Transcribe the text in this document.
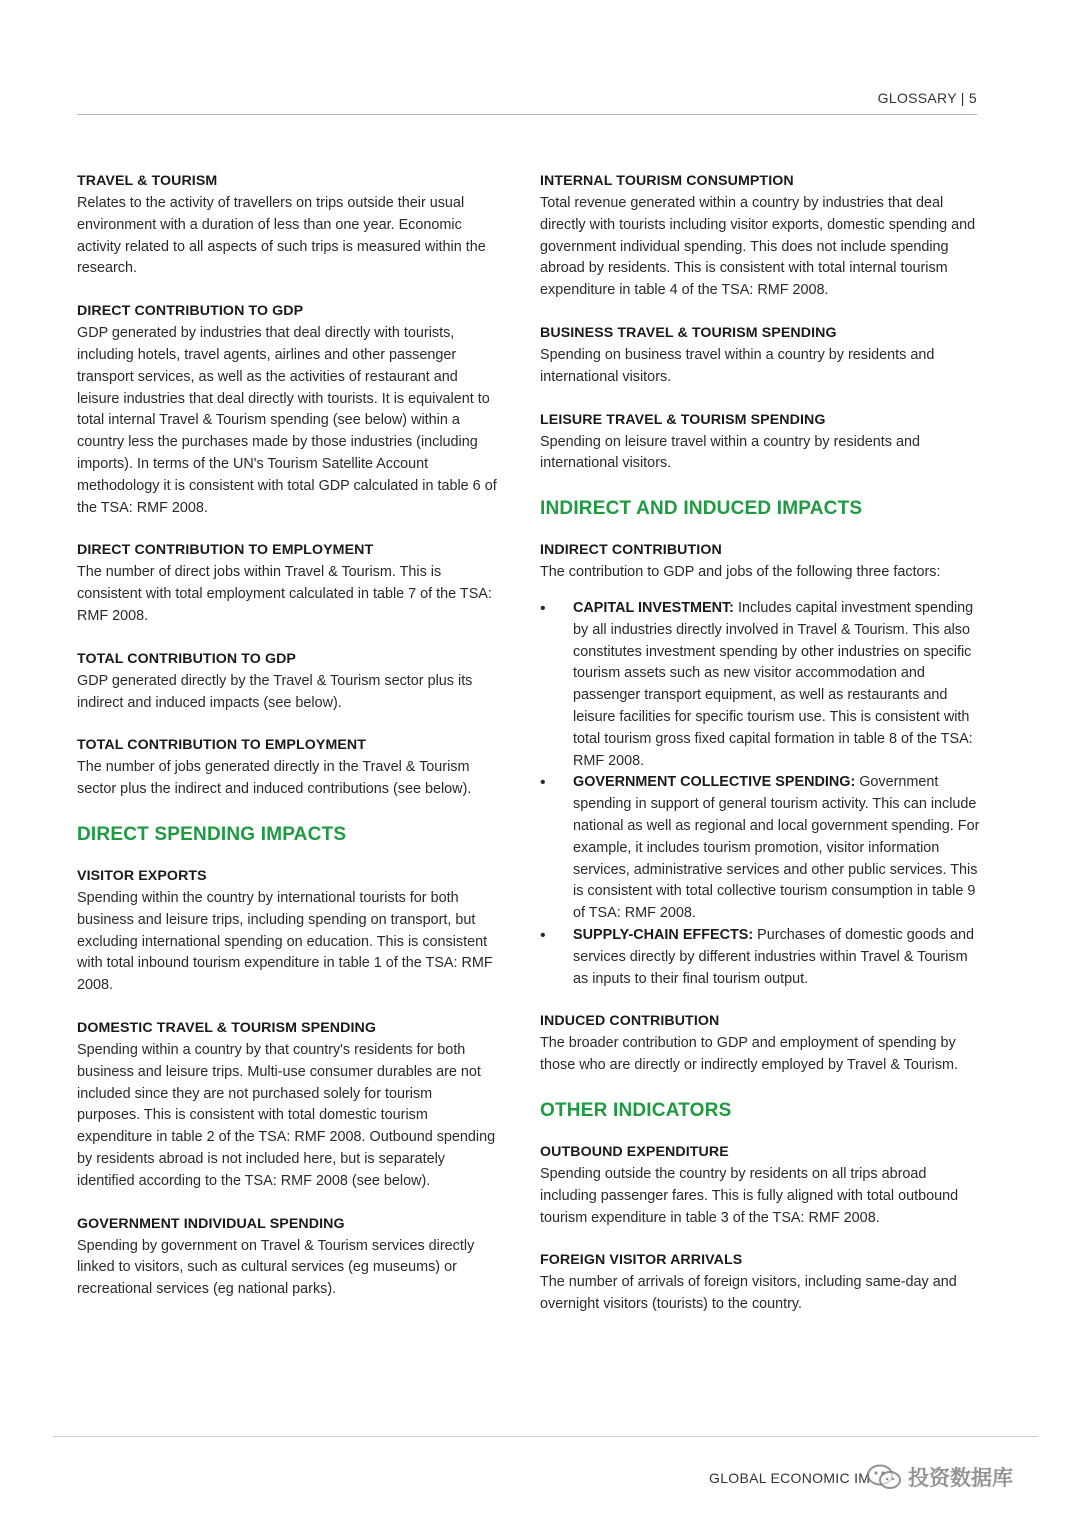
GLOSSARY | 5

TRAVEL & TOURISM

Relates to the activity of travellers on trips outside their usual environment with a duration of less than one year. Economic activity related to all aspects of such trips is measured within the research.

DIRECT CONTRIBUTION TO GDP

GDP generated by industries that deal directly with tourists, including hotels, travel agents, airlines and other passenger transport services, as well as the activities of restaurant and leisure industries that deal directly with tourists. It is equivalent to total internal Travel & Tourism spending (see below) within a country less the purchases made by those industries (including imports). In terms of the UN's Tourism Satellite Account methodology it is consistent with total GDP calculated in table 6 of the TSA: RMF 2008.

DIRECT CONTRIBUTION TO EMPLOYMENT

The number of direct jobs within Travel & Tourism. This is consistent with total employment calculated in table 7 of the TSA: RMF 2008.

TOTAL CONTRIBUTION TO GDP

GDP generated directly by the Travel & Tourism sector plus its indirect and induced impacts (see below).

TOTAL CONTRIBUTION TO EMPLOYMENT

The number of jobs generated directly in the Travel & Tourism sector plus the indirect and induced contributions (see below).

DIRECT SPENDING IMPACTS

VISITOR EXPORTS

Spending within the country by international tourists for both business and leisure trips, including spending on transport, but excluding international spending on education. This is consistent with total inbound tourism expenditure in table 1 of the TSA: RMF 2008.

DOMESTIC TRAVEL & TOURISM SPENDING

Spending within a country by that country's residents for both business and leisure trips. Multi-use consumer durables are not included since they are not purchased solely for tourism purposes. This is consistent with total domestic tourism expenditure in table 2 of the TSA: RMF 2008. Outbound spending by residents abroad is not included here, but is separately identified according to the TSA: RMF 2008 (see below).

GOVERNMENT INDIVIDUAL SPENDING

Spending by government on Travel & Tourism services directly linked to visitors, such as cultural services (eg museums) or recreational services (eg national parks).

INTERNAL TOURISM CONSUMPTION

Total revenue generated within a country by industries that deal directly with tourists including visitor exports, domestic spending and government individual spending. This does not include spending abroad by residents. This is consistent with total internal tourism expenditure in table 4 of the TSA: RMF 2008.

BUSINESS TRAVEL & TOURISM SPENDING

Spending on business travel within a country by residents and international visitors.

LEISURE TRAVEL & TOURISM SPENDING

Spending on leisure travel within a country by residents and international visitors.

INDIRECT AND INDUCED IMPACTS

INDIRECT CONTRIBUTION

The contribution to GDP and jobs of the following three factors:

• CAPITAL INVESTMENT: Includes capital investment spending by all industries directly involved in Travel & Tourism. This also constitutes investment spending by other industries on specific tourism assets such as new visitor accommodation and passenger transport equipment, as well as restaurants and leisure facilities for specific tourism use. This is consistent with total tourism gross fixed capital formation in table 8 of the TSA: RMF 2008.
• GOVERNMENT COLLECTIVE SPENDING: Government spending in support of general tourism activity. This can include national as well as regional and local government spending. For example, it includes tourism promotion, visitor information services, administrative services and other public services. This is consistent with total collective tourism consumption in table 9 of TSA: RMF 2008.
• SUPPLY-CHAIN EFFECTS: Purchases of domestic goods and services directly by different industries within Travel & Tourism as inputs to their final tourism output.

INDUCED CONTRIBUTION

The broader contribution to GDP and employment of spending by those who are directly or indirectly employed by Travel & Tourism.

OTHER INDICATORS

OUTBOUND EXPENDITURE

Spending outside the country by residents on all trips abroad including passenger fares. This is fully aligned with total outbound tourism expenditure in table 3 of the TSA: RMF 2008.

FOREIGN VISITOR ARRIVALS

The number of arrivals of foreign visitors, including same-day and overnight visitors (tourists) to the country.

GLOBAL ECONOMIC IM 投资数据库
